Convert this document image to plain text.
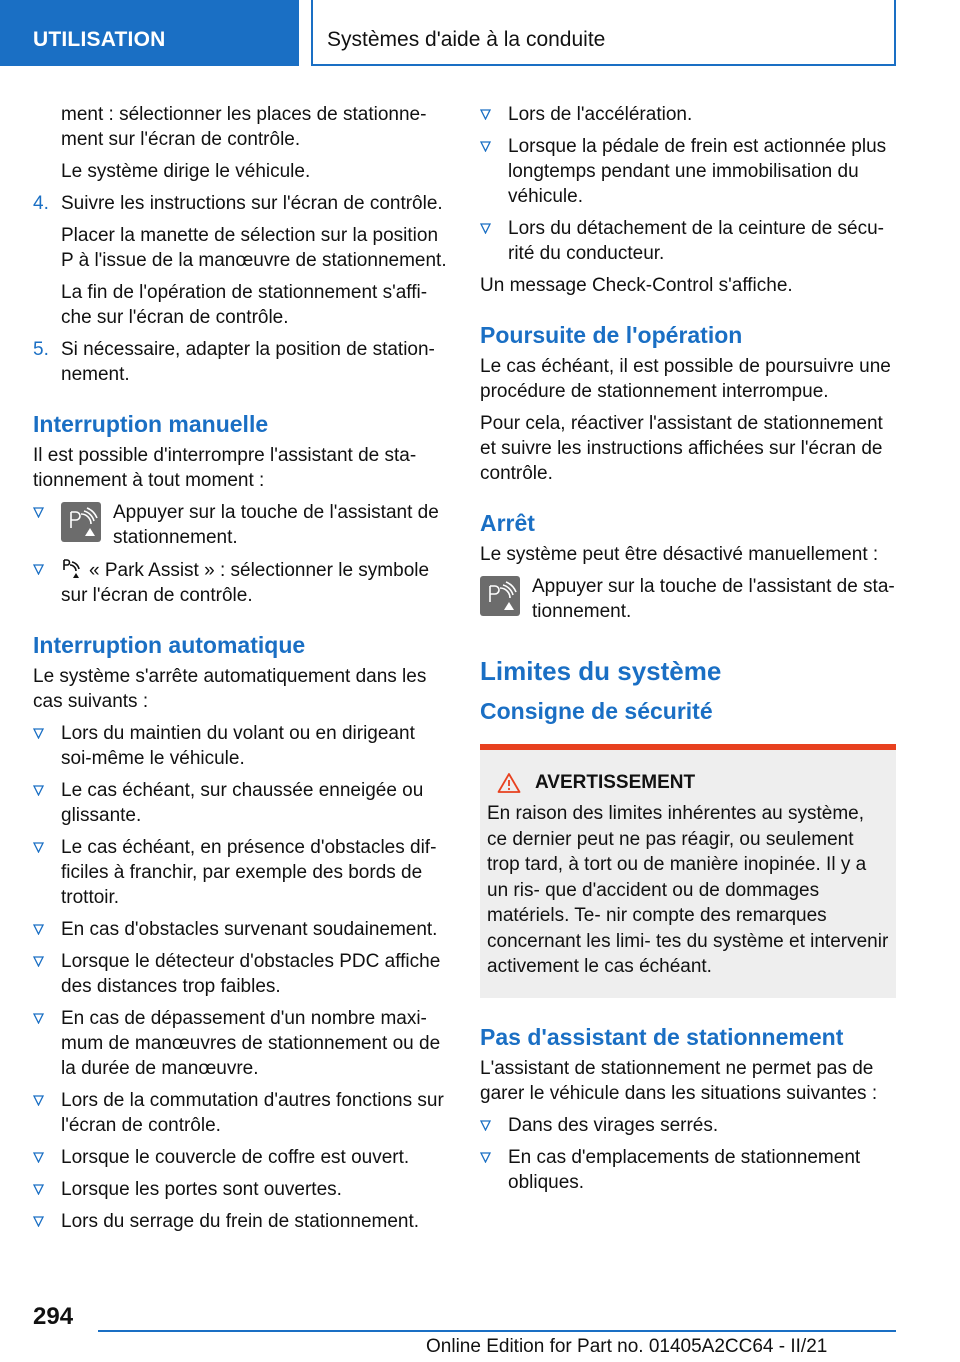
UTILISATION	Systèmes d'aide à la conduite

ment : sélectionner les places de stationne- ment sur l'écran de contrôle.

Le système dirige le véhicule.

4. Suivre les instructions sur l'écran de contrôle.

Placer la manette de sélection sur la position P à l'issue de la manœuvre de stationnement.

La fin de l'opération de stationnement s'affi- che sur l'écran de contrôle.

5. Si nécessaire, adapter la position de station- nement.
Interruption manuelle

Il est possible d'interrompre l'assistant de sta- tionnement à tout moment :

Appuyer sur la touche de l'assistant de stationnement.
« Park Assist » : sélectionner le symbole sur l'écran de contrôle.
Interruption automatique

Le système s'arrête automatiquement dans les cas suivants :

Lors du maintien du volant ou en dirigeant soi-même le véhicule.
Le cas échéant, sur chaussée enneigée ou glissante.
Le cas échéant, en présence d'obstacles dif- ficiles à franchir, par exemple des bords de trottoir.
En cas d'obstacles survenant soudainement.
Lorsque le détecteur d'obstacles PDC affiche des distances trop faibles.
En cas de dépassement d'un nombre maxi- mum de manœuvres de stationnement ou de la durée de manœuvre.
Lors de la commutation d'autres fonctions sur l'écran de contrôle.
Lorsque le couvercle de coffre est ouvert.
Lorsque les portes sont ouvertes.
Lors du serrage du frein de stationnement.
Lors de l'accélération.
Lorsque la pédale de frein est actionnée plus longtemps pendant une immobilisation du véhicule.
Lors du détachement de la ceinture de sécu- rité du conducteur.

Un message Check-Control s'affiche.

Poursuite de l'opération

Le cas échéant, il est possible de poursuivre une procédure de stationnement interrompue.

Pour cela, réactiver l'assistant de stationnement et suivre les instructions affichées sur l'écran de contrôle.

Arrêt

Le système peut être désactivé manuellement :

Appuyer sur la touche de l'assistant de sta- tionnement.
Limites du système
Consigne de sécurité
AVERTISSEMENT

En raison des limites inhérentes au système, ce dernier peut ne pas réagir, ou seulement trop tard, à tort ou de manière inopinée. Il y a un ris- que d'accident ou de dommages matériels. Te- nir compte des remarques concernant les limi- tes du système et intervenir activement le cas échéant.

Pas d'assistant de stationnement

L'assistant de stationnement ne permet pas de garer le véhicule dans les situations suivantes :

Dans des virages serrés.
En cas d'emplacements de stationnement obliques.
294
Online Edition for Part no. 01405A2CC64 - II/21
